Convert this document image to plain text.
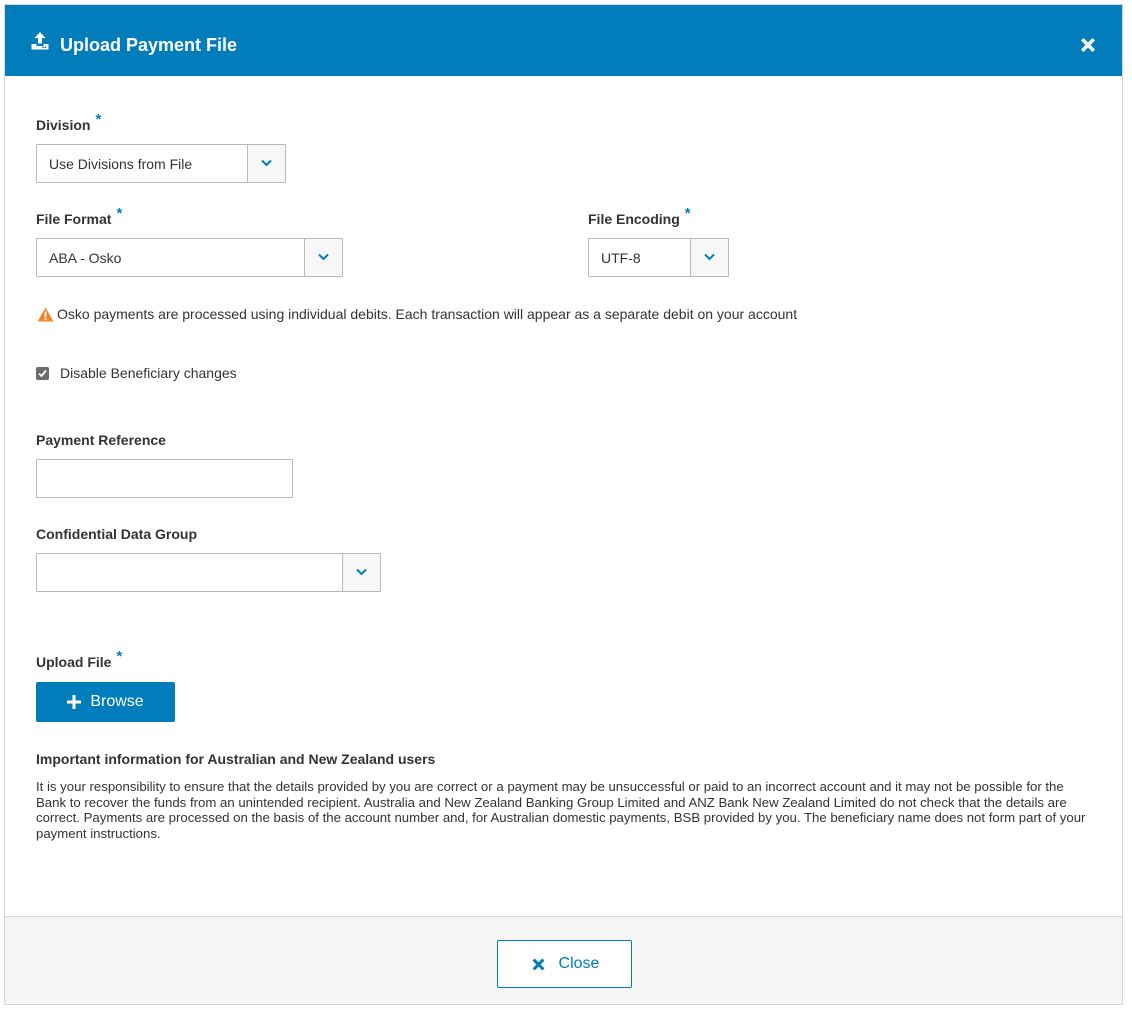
Upload Payment File
Division *
Use Divisions from File
File Format *
ABA - Osko
File Encoding *
UTF-8
Osko payments are processed using individual debits. Each transaction will appear as a separate debit on your account
Disable Beneficiary changes
Payment Reference
Confidential Data Group
Upload File *
Browse
Important information for Australian and New Zealand users
It is your responsibility to ensure that the details provided by you are correct or a payment may be unsuccessful or paid to an incorrect account and it may not be possible for the Bank to recover the funds from an unintended recipient. Australia and New Zealand Banking Group Limited and ANZ Bank New Zealand Limited do not check that the details are correct. Payments are processed on the basis of the account number and, for Australian domestic payments, BSB provided by you. The beneficiary name does not form part of your payment instructions.
Close
